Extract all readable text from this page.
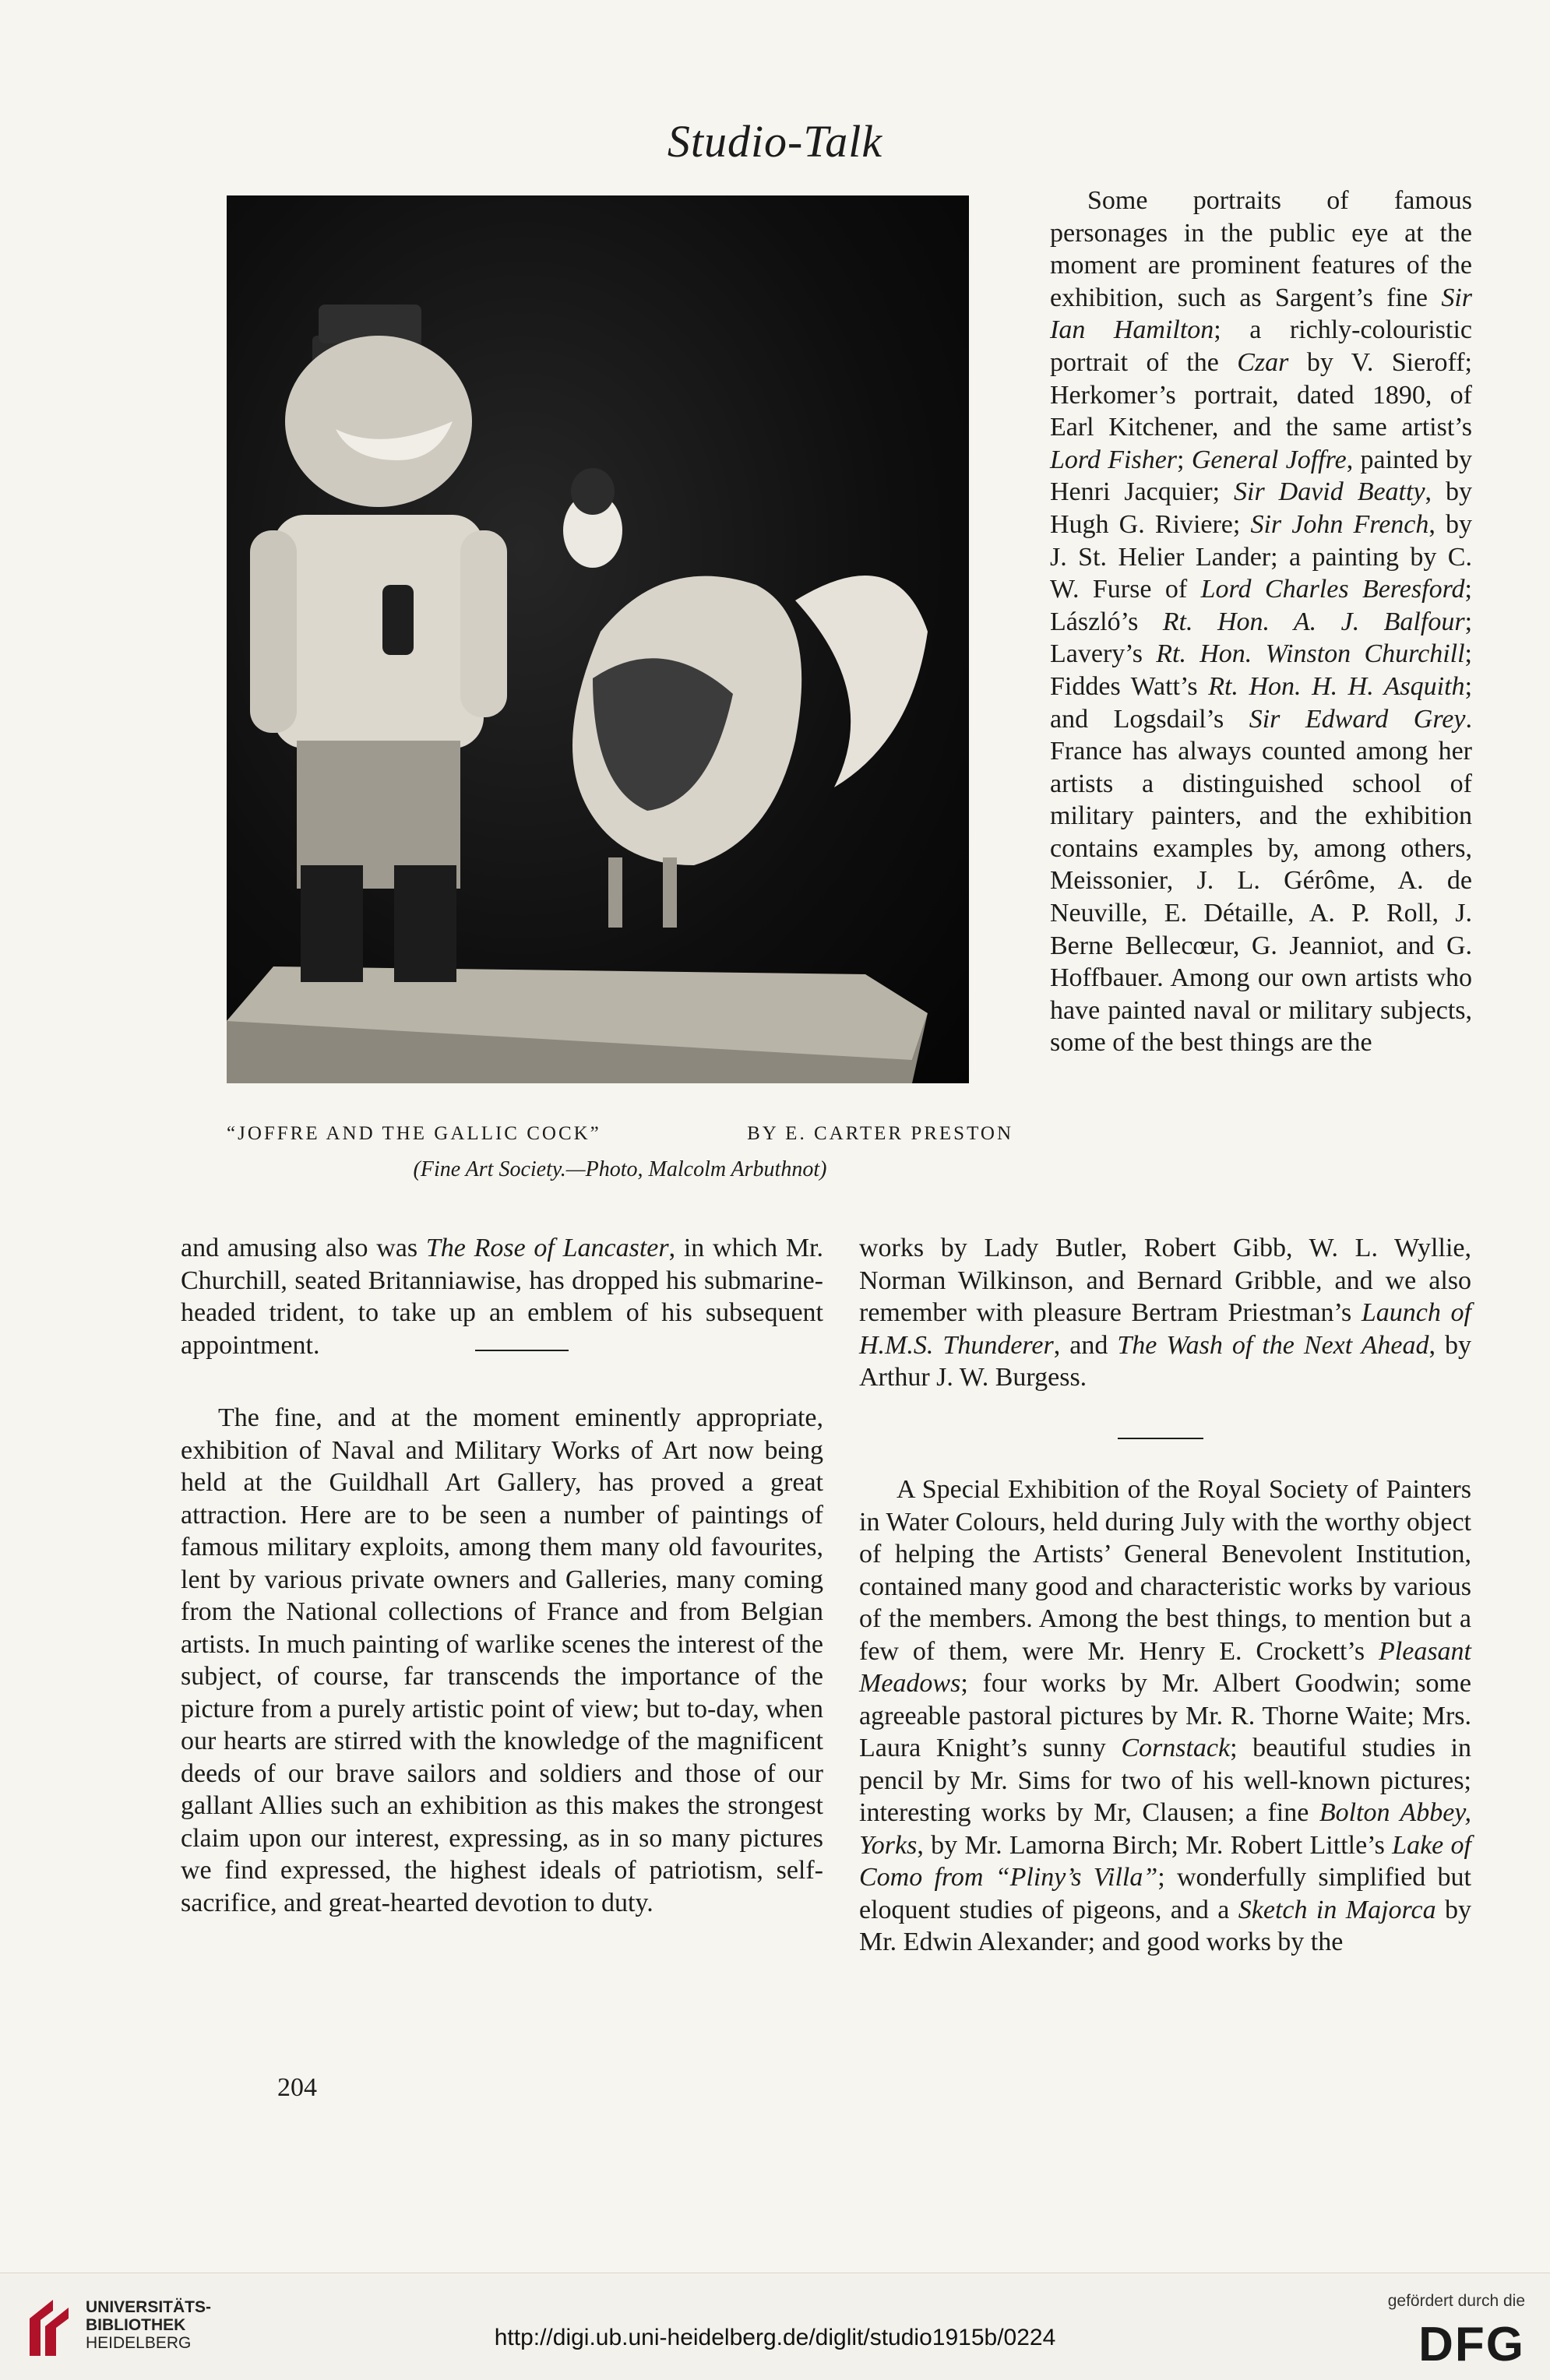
Studio-Talk
“JOFFRE AND THE GALLIC COCK”	BY E. CARTER PRESTON
(Fine Art Society.—Photo, Malcolm Arbuthnot)

Some portraits of famous personages in the public eye at the moment are prominent features of the exhibition, such as Sargent’s fine Sir Ian Hamilton; a richly-colouristic portrait of the Czar by V. Sieroff; Herkomer’s portrait, dated 1890, of Earl Kitchener, and the same artist’s Lord Fisher; General Joffre, painted by Henri Jacquier; Sir David Beatty, by Hugh G. Riviere; Sir John French, by J. St. Helier Lander; a painting by C. W. Furse of Lord Charles Beresford; László’s Rt. Hon. A. J. Balfour; Lavery’s Rt. Hon. Winston Churchill; Fiddes Watt’s Rt. Hon. H. H. Asquith; and Logsdail’s Sir Edward Grey. France has always counted among her artists a distinguished school of military painters, and the exhibition contains examples by, among others, Meissonier, J. L. Gérôme, A. de Neuville, E. Détaille, A. P. Roll, J. Berne Bellecœur, G. Jeanniot, and G. Hoffbauer. Among our own artists who have painted naval or military subjects, some of the best things are the

and amusing also was The Rose of Lancaster, in which Mr. Churchill, seated Britanniawise, has dropped his submarine-headed trident, to take up an emblem of his subsequent appointment.

The fine, and at the moment eminently appropriate, exhibition of Naval and Military Works of Art now being held at the Guildhall Art Gallery, has proved a great attraction. Here are to be seen a number of paintings of famous military exploits, among them many old favourites, lent by various private owners and Galleries, many coming from the National collections of France and from Belgian artists. In much painting of warlike scenes the interest of the subject, of course, far transcends the importance of the picture from a purely artistic point of view; but to-day, when our hearts are stirred with the knowledge of the magnificent deeds of our brave sailors and soldiers and those of our gallant Allies such an exhibition as this makes the strongest claim upon our interest, expressing, as in so many pictures we find expressed, the highest ideals of patriotism, self-sacrifice, and great-hearted devotion to duty.

works by Lady Butler, Robert Gibb, W. L. Wyllie, Norman Wilkinson, and Bernard Gribble, and we also remember with pleasure Bertram Priestman’s Launch of H.M.S. Thunderer, and The Wash of the Next Ahead, by Arthur J. W. Burgess.

A Special Exhibition of the Royal Society of Painters in Water Colours, held during July with the worthy object of helping the Artists’ General Benevolent Institution, contained many good and characteristic works by various of the members. Among the best things, to mention but a few of them, were Mr. Henry E. Crockett’s Pleasant Meadows; four works by Mr. Albert Goodwin; some agreeable pastoral pictures by Mr. R. Thorne Waite; Mrs. Laura Knight’s sunny Cornstack; beautiful studies in pencil by Mr. Sims for two of his well-known pictures; interesting works by Mr, Clausen; a fine Bolton Abbey, Yorks, by Mr. Lamorna Birch; Mr. Robert Little’s Lake of Como from “Pliny’s Villa”; wonderfully simplified but eloquent studies of pigeons, and a Sketch in Majorca by Mr. Edwin Alexander; and good works by the

204
UNIVERSITÄTS-
BIBLIOTHEK
HEIDELBERG	http://digi.ub.uni-heidelberg.de/diglit/studio1915b/0224
gefördert durch die
DFG
